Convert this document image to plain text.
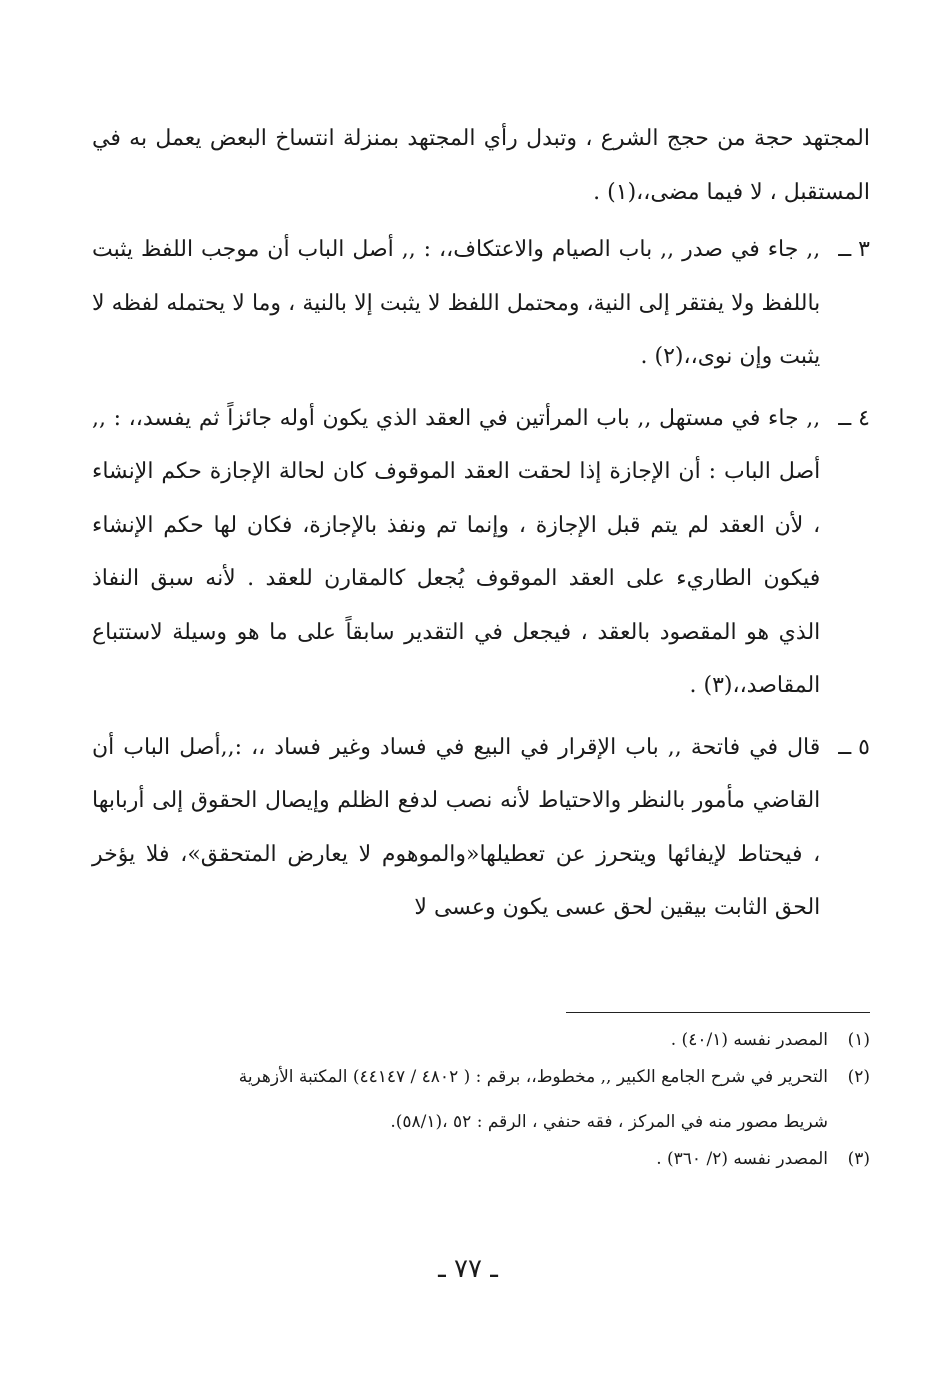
المجتهد حجة من حجج الشرع ، وتبدل رأي المجتهد بمنزلة انتساخ البعض يعمل به في المستقبل ، لا فيما مضى،،(١) .

٣ ــ
,, جاء في صدر ,, باب الصيام والاعتكاف،، : ,, أصل الباب أن موجب اللفظ يثبت باللفظ ولا يفتقر إلى النية، ومحتمل اللفظ لا يثبت إلا بالنية ، وما لا يحتمله لفظه لا يثبت وإن نوى،،(٢) .
٤ ــ
,, جاء في مستهل ,, باب المرأتين في العقد الذي يكون أوله جائزاً ثم يفسد،، : ,, أصل الباب : أن الإجازة إذا لحقت العقد الموقوف كان لحالة الإجازة حكم الإنشاء ، لأن العقد لم يتم قبل الإجازة ، وإنما تم ونفذ بالإجازة، فكان لها حكم الإنشاء فيكون الطاريء على العقد الموقوف يُجعل كالمقارن للعقد . لأنه سبق النفاذ الذي هو المقصود بالعقد ، فيجعل في التقدير سابقاً على ما هو وسيلة لاستتباع المقاصد،،(٣) .
٥ ــ
قال في فاتحة ,, باب الإقرار في البيع في فساد وغير فساد ،، :,,أصل الباب أن القاضي مأمور بالنظر والاحتياط لأنه نصب لدفع الظلم وإيصال الحقوق إلى أربابها ، فيحتاط لإيفائها ويتحرز عن تعطيلها«والموهوم لا يعارض المتحقق»، فلا يؤخر الحق الثابت بيقين لحق عسى يكون وعسى لا
(١)
المصدر نفسه (٤٠/١) .
(٢)
التحرير في شرح الجامع الكبير ,, مخطوط،، برقم : ( ٤٨٠٢ / ٤٤١٤٧) المكتبة الأزهرية
شريط مصور منه في المركز ، فقه حنفي ، الرقم : ٥٢ ،(٥٨/١).
(٣)
المصدر نفسه (٢/ ٣٦٠) .
ـ ٧٧ ـ
